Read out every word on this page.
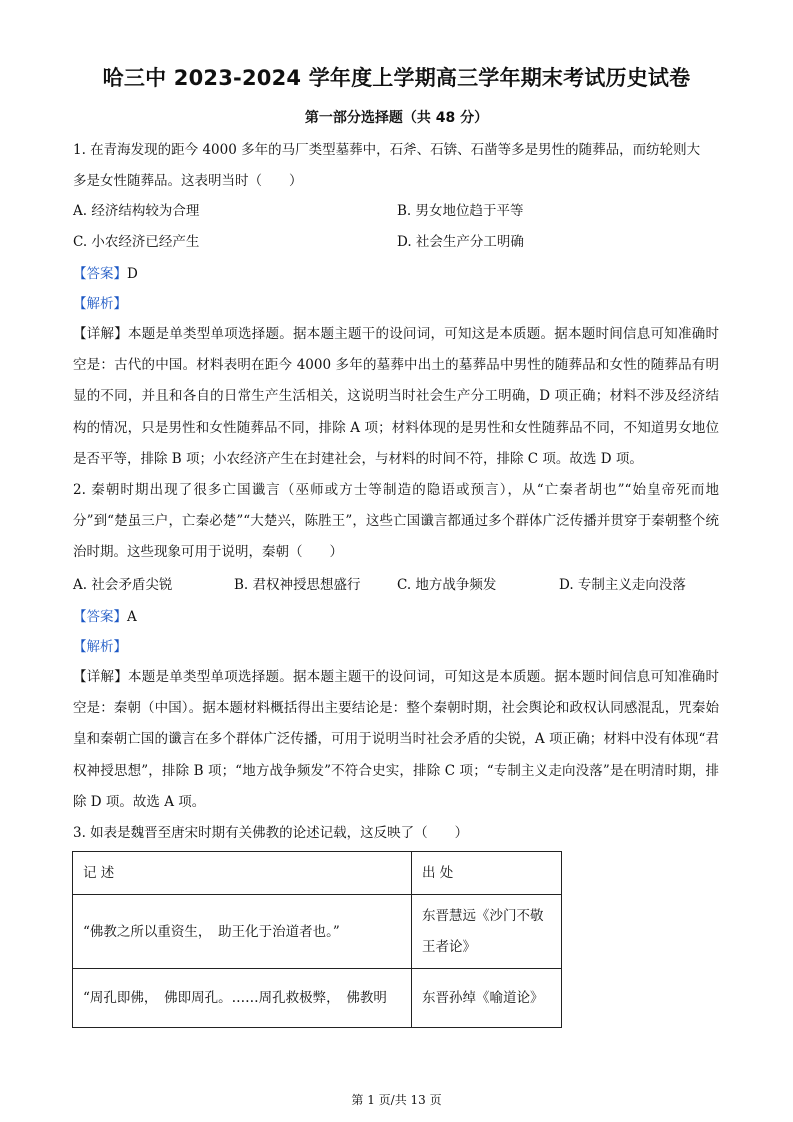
哈三中 2023-2024 学年度上学期高三学年期末考试历史试卷
第一部分选择题（共 48 分）
1. 在青海发现的距今 4000 多年的马厂类型墓葬中，石斧、石锛、石凿等多是男性的随葬品，而纺轮则大
多是女性随葬品。这表明当时（　　）
A. 经济结构较为合理	B. 男女地位趋于平等
C. 小农经济已经产生	D. 社会生产分工明确
【答案】D
【解析】
【详解】本题是单类型单项选择题。据本题主题干的设问词，可知这是本质题。据本题时间信息可知准确时空是：古代的中国。材料表明在距今 4000 多年的墓葬中出土的墓葬品中男性的随葬品和女性的随葬品有明显的不同，并且和各自的日常生产生活相关，这说明当时社会生产分工明确，D 项正确；材料不涉及经济结构的情况，只是男性和女性随葬品不同，排除 A 项；材料体现的是男性和女性随葬品不同，不知道男女地位是否平等，排除 B 项；小农经济产生在封建社会，与材料的时间不符，排除 C 项。故选 D 项。
2. 秦朝时期出现了很多亡国谶言（巫师或方士等制造的隐语或预言），从“亡秦者胡也”“始皇帝死而地分”到“楚虽三户，亡秦必楚”“大楚兴，陈胜王”，这些亡国谶言都通过多个群体广泛传播并贯穿于秦朝整个统治时期。这些现象可用于说明，秦朝（　　）
A. 社会矛盾尖锐	B. 君权神授思想盛行	C. 地方战争频发	D. 专制主义走向没落
【答案】A
【解析】
【详解】本题是单类型单项选择题。据本题主题干的设问词，可知这是本质题。据本题时间信息可知准确时空是：秦朝（中国）。据本题材料概括得出主要结论是：整个秦朝时期，社会舆论和政权认同感混乱，咒秦始皇和秦朝亡国的谶言在多个群体广泛传播，可用于说明当时社会矛盾的尖锐，A 项正确；材料中没有体现“君权神授思想”，排除 B 项；“地方战争频发”不符合史实，排除 C 项；“专制主义走向没落”是在明清时期，排除 D 项。故选 A 项。
3. 如表是魏晋至唐宋时期有关佛教的论述记载，这反映了（　　）
记 述	出 处
“佛教之所以重资生，　助王化于治道者也。”	东晋慧远《沙门不敬王者论》
“周孔即佛，　佛即周孔。……周孔救极弊，　佛教明	东晋孙绰《喻道论》
第 1 页/共 13 页
